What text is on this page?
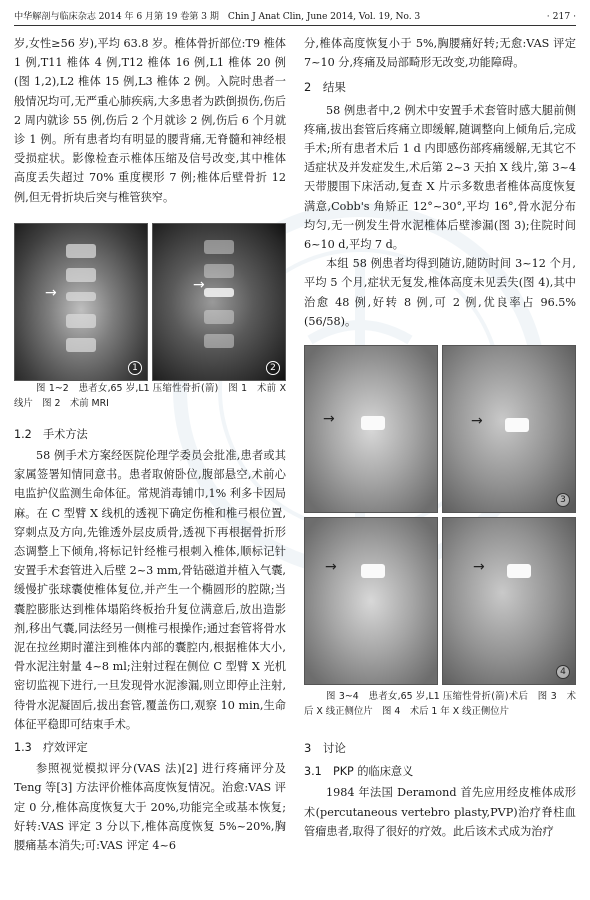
中华解剖与临床杂志 2014 年 6 月第 19 卷第 3 期　Chin J Anat Clin, June 2014, Vol. 19, No. 3	· 217 ·

岁,女性≥56 岁),平均 63.8 岁。椎体骨折部位:T9 椎体 1 例,T11 椎体 4 例,T12 椎体 16 例,L1 椎体 20 例(图 1,2),L2 椎体 15 例,L3 椎体 2 例。入院时患者一般情况均可,无严重心肺疾病,大多患者为跌倒损伤,伤后 2 周内就诊 55 例,伤后 2 个月就诊 2 例,伤后 6 个月就诊 1 例。所有患者均有明显的腰背痛,无脊髓和神经根受损症状。影像检查示椎体压缩及信号改变,其中椎体高度丢失超过 70% 重度楔形 7 例;椎体后壁骨折 12 例,但无骨折块后突与椎管狭窄。

→
1
→
2

图 1~2　患者女,65 岁,L1 压缩性骨折(箭)　图 1　术前 X 线片　图 2　术前 MRI

1.2　手术方法

58 例手术方案经医院伦理学委员会批准,患者或其家属签署知情同意书。患者取俯卧位,腹部悬空,术前心电监护仪监测生命体征。常规消毒铺巾,1% 利多卡因局麻。在 C 型臂 X 线机的透视下确定伤椎和椎弓根位置,穿刺点及方向,先锥透外层皮质骨,透视下再根据骨折形态调整上下倾角,将标记针经椎弓根刺入椎体,顺标记针安置手术套管进入后壁 2~3 mm,骨钻磁道并植入气囊,缓慢扩张球囊使椎体复位,并产生一个椭圆形的腔隙;当囊腔膨胀达到椎体塌陷终板抬升复位满意后,放出造影剂,移出气囊,同法经另一侧椎弓根操作;通过套管将骨水泥在拉丝期时灌注到椎体内部的囊腔内,根据椎体大小,骨水泥注射量 4~8 ml;注射过程在侧位 C 型臂 X 光机密切监视下进行,一旦发现骨水泥渗漏,则立即停止注射,待骨水泥凝固后,拔出套管,覆盖伤口,观察 10 min,生命体征平稳即可结束手术。

1.3　疗效评定

参照视觉模拟评分(VAS 法)[2] 进行疼痛评分及 Teng 等[3] 方法评价椎体高度恢复情况。治愈:VAS 评定 0 分,椎体高度恢复大于 20%,功能完全或基本恢复;好转:VAS 评定 3 分以下,椎体高度恢复 5%~20%,胸腰痛基本消失;可:VAS 评定 4~6

分,椎体高度恢复小于 5%,胸腰痛好转;无愈:VAS 评定 7~10 分,疼痛及局部畸形无改变,功能障碍。

2　结果

58 例患者中,2 例术中安置手术套管时感大腿前侧疼痛,拔出套管后疼痛立即缓解,随调整向上倾角后,完成手术;所有患者术后 1 d 内即感伤部疼痛缓解,无其它不适症状及并发症发生,术后第 2~3 天拍 X 线片,第 3~4 天带腰围下床活动,复查 X 片示多数患者椎体高度恢复满意,Cobb's 角矫正 12°~30°,平均 16°,骨水泥分布均匀,无一例发生骨水泥椎体后壁渗漏(图 3);住院时间 6~10 d,平均 7 d。

本组 58 例患者均得到随访,随防时间 3~12 个月,平均 5 个月,症状无复发,椎体高度未见丢失(图 4),其中治愈 48 例,好转 8 例,可 2 例,优良率占 96.5%(56/58)。

→	→
3
→	→
4

图 3~4　患者女,65 岁,L1 压缩性骨折(箭)术后　图 3　术后 X 线正侧位片　图 4　术后 1 年 X 线正侧位片

3　讨论
3.1　PKP 的临床意义

1984 年法国 Deramond 首先应用经皮椎体成形术(percutaneous vertebro plasty,PVP)治疗脊柱血管瘤患者,取得了很好的疗效。此后该术式成为治疗
